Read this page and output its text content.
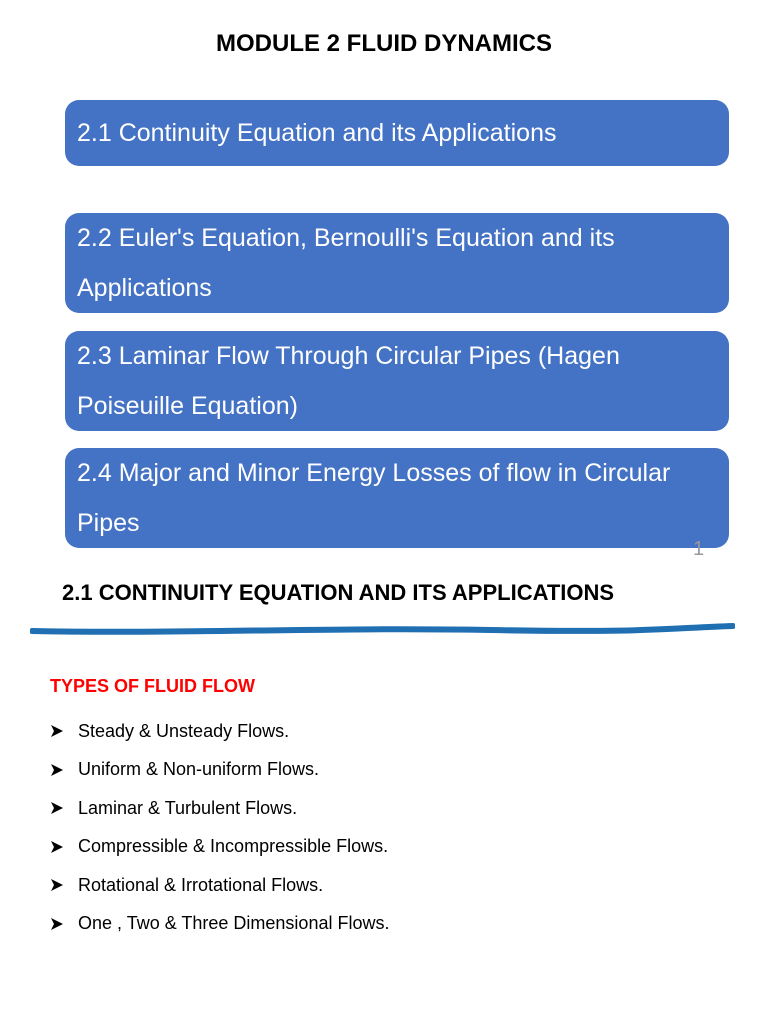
MODULE 2 FLUID DYNAMICS
2.1 Continuity Equation and its Applications
2.2 Euler's Equation, Bernoulli's Equation and its Applications
2.3 Laminar Flow Through Circular Pipes (Hagen Poiseuille Equation)
2.4 Major and Minor Energy Losses of flow in Circular Pipes
1
2.1 CONTINUITY EQUATION AND ITS APPLICATIONS
TYPES OF FLUID FLOW
Steady & Unsteady Flows.
Uniform & Non-uniform Flows.
Laminar & Turbulent Flows.
Compressible & Incompressible Flows.
Rotational & Irrotational Flows.
One , Two & Three Dimensional Flows.
